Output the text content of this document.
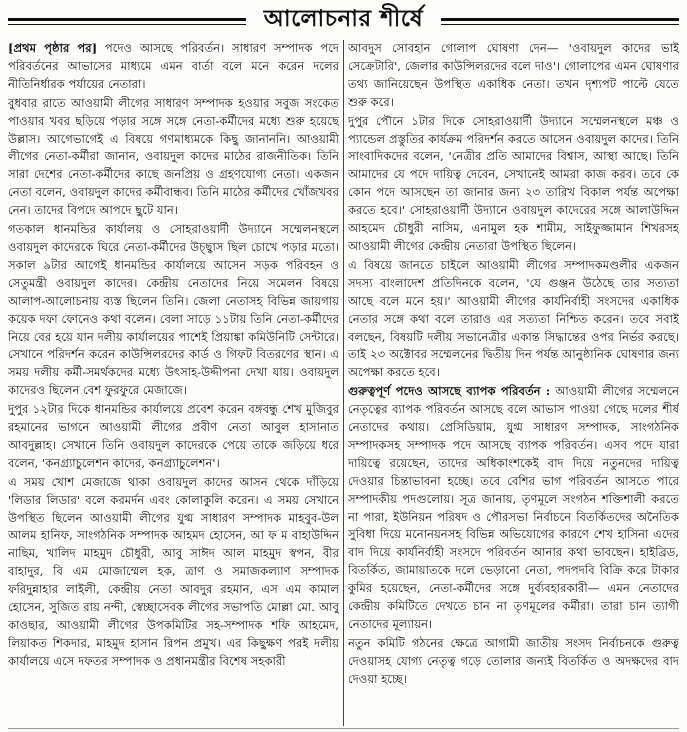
আলোচনার শীর্ষে

[প্রথম পৃষ্ঠার পর] পদেও আসছে পরিবর্তন। সাধারণ সম্পাদক পদে পরিবর্তনের আভাসের মাধ্যমে এমন বার্তা বলে মনে করেন দলের নীতিনির্ধারক পর্যায়ের নেতারা।

বুধবার রাতে আওয়ামী লীগের সাধারণ সম্পাদক হওয়ার সবুজ সংকেত পাওয়ার খবর ছড়িয়ে পড়ার সঙ্গে সঙ্গে নেতা-কর্মীদের মধ্যে শুরু হয়েছে উল্লাস। আগেভাগেই এ বিষয়ে গণমাধ্যমকে কিছু জানাননি। আওয়ামী লীগের নেতা-কর্মীরা জানান, ওবায়দুল কাদের মাঠের রাজনীতিক। তিনি সারা দেশের নেতা-কর্মীদের কাছে জনপ্রিয় ও গ্রহণযোগ্য নেতা। একজন নেতা বলেন, ওবায়দুল কাদের কর্মীবান্ধব। তিনি মাঠের কর্মীদের খোঁজখবর নেন। তাদের বিপদে আপদে ছুটে যান।

গতকাল ধানমন্ডির কার্যালয় ও সোহরাওয়ার্দী উদ্যানে সম্মেলনস্থলে ওবায়দুল কাদেরকে ঘিরে নেতা-কর্মীদের উচ্ছ্বাস ছিল চোখে পড়ার মতো। সকাল ৯টার আগেই ধানমন্ডির কার্যালয়ে আসেন সড়ক পরিবহন ও সেতুমন্ত্রী ওবায়দুল কাদের। কেন্দ্রীয় নেতাদের নিয়ে সমেলন বিষয়ে আলাপ-আলোচনায় ব্যস্ত ছিলেন তিনি। জেলা নেতাসহ বিভিন্ন জায়গায় কয়েক দফা ফোনেও কথা বলেন। বেলা সাড়ে ১১টায় তিনি নেতা-কর্মীদের নিয়ে বের হয়ে যান দলীয় কার্যালয়ের পাশেই প্রিয়াঙ্কা কমিউনিটি সেন্টারে। সেখানে পরিদর্শন করেন কাউন্সিলরদের কার্ড ও গিফট বিতরণের স্থান। এ সময় দলীয় কর্মী-সমর্থকদের মধ্যে উৎসাহ-উদ্দীপনা দেখা যায়। ওবায়দুল কাদেরও ছিলেন বেশ ফুরফুরে মেজাজে।

দুপুর ১২টার দিকে ধানমন্ডির কার্যালয়ে প্রবেশ করেন বঙ্গবন্ধু শেখ মুজিবুর রহমানের ভাগনে আওয়ামী লীগের প্রবীণ নেতা আবুল হাসানাত আবদুল্লাহ। সেখানে তিনি ওবায়দুল কাদেরকে পেয়ে তাকে জড়িয়ে ধরে বলেন, 'কনগ্র্যাচুলেশন কাদের, কনগ্র্যাচুলেশন'।

এ সময় খোশ মেজাজে থাকা ওবায়দুল কাদের আসন থেকে দাঁড়িয়ে 'লিডার লিডার' বলে করমর্দন এবং কোলাকুলি করেন। এ সময় সেখানে উপস্থিত ছিলেন আওয়ামী লীগের যুগ্ম সাধারণ সম্পাদক মাহবুব-উল আলম হানিফ, সাংগঠনিক সম্পাদক আহমদ হোসেন, আ ফ ম বাহাউদ্দিন নাছিম, খালিদ মাহমুদ চৌধুরী, আবু সাঈদ আল মাহমুদ স্বপন, বীর বাহাদুর, বি এম মোজাম্মেল হক, ত্রাণ ও সমাজকল্যাণ সম্পাদক ফরিদুন্নাহার লাইলী, কেন্দ্রীয় নেতা আবদুর রহমান, এস এম কামাল হোসেন, সুজিত রায় নন্দী, স্বেচ্ছাসেবক লীগের সভাপতি মোল্লা মো. আবু কাওছার, আওয়ামী লীগের উপকমিটির সহ-সম্পাদক শফি আহমেদ, লিয়াকত শিকদার, মাহমুদ হাসান রিপন প্রমুখ। এর কিছুক্ষণ পরই দলীয় কার্যালয়ে এসে দফতর সম্পাদক ও প্রধানমন্ত্রীর বিশেষ সহকারী

আবদুস সোবহান গোলাপ ঘোষণা দেন— 'ওবায়দুল কাদের ভাই সেক্রেটারি', জেলার কাউন্সিলরদের বলে দাও'। গোলাপের এমন ঘোষণার তথ্য জানিয়েছেন উপস্থিত একাধিক নেতা। তখন দৃশ্যপট পাল্টে যেতে শুরু করে।

দুপুর পৌনে ১টার দিকে সোহরাওয়ার্দী উদ্যানে সম্মেলনস্থলে মঞ্চ ও প্যান্ডেল প্রস্তুতির কার্যক্রম পরিদর্শন করতে আসেন ওবায়দুল কাদের। তিনি সাংবাদিকদের বলেন, 'নেত্রীর প্রতি আমাদের বিশ্বাস, আস্থা আছে। তিনি আমাদের যে পদে দায়িত্ব দেবেন, সেখানেই আমরা কাজ করব। তবে কে কোন পদে আসছেন তা জানার জন্য ২৩ তারিখ বিকাল পর্যন্ত অপেক্ষা করতে হবে।' সোহরাওয়ার্দী উদ্যানে ওবায়দুল কাদেরের সঙ্গে আলাউদ্দিন আহমেদ চৌধুরী নাসিম, এনামুল হক শামীম, সাইফুজ্জামান শিখরসহ আওয়ামী লীগের কেন্দ্রীয় নেতারা উপস্থিত ছিলেন।

এ বিষয়ে জানতে চাইলে আওয়ামী লীগের সম্পাদকমণ্ডলীর একজন সদস্য বাংলাদেশ প্রতিদিনকে বলেন, 'যে গুঞ্জন উঠেছে তার সত্যতা আছে বলে মনে হয়।' আওয়ামী লীগের কার্যনির্বাহী সংসদের একাধিক নেতার সঙ্গে কথা বলে তারাও এর সত্যতা নিশ্চিত করেন। তবে সবাই বলছেন, বিষয়টি দলীয় সভানেত্রীর একান্ত সিদ্ধান্তের ওপর নির্ভর করছে। তাই ২৩ অক্টোবর সম্মেলনের দ্বিতীয় দিন পর্যন্ত আনুষ্ঠানিক ঘোষণার জন্য অপেক্ষা করতে হবে।

গুরুত্বপূর্ণ পদেও আসছে ব্যাপক পরিবর্তন : আওয়ামী লীগের সম্মেলনে নেতৃত্বের ব্যাপক পরিবর্তন আসছে বলে আভাস পাওয়া গেছে দলের শীর্ষ নেতাদের কথায়। প্রেসিডিয়াম, যুগ্ম সাধারণ সম্পাদক, সাংগঠনিক সম্পাদকসহ সম্পাদক পদে আসছে ব্যাপক পরিবর্তন। এসব পদে যারা দায়িত্বে রয়েছেন, তাদের অধিকাংশকেই বাদ দিয়ে নতুনদের দায়িত্ব দেওয়ার চিন্তাভাবনা হচ্ছে। তবে বেশির ভাগ পরিবর্তন আসতে পারে সম্পাদকীয় পদগুলোয়। সূত্র জানায়, তৃণমূলে সংগঠন শক্তিশালী করতে না পারা, ইউনিয়ন পরিষদ ও পৌরসভা নির্বাচনে বিতর্কিতদের অনৈতিক সুবিধা দিয়ে মনোনয়নসহ বিভিন্ন অভিযোগের কারণে শেখ হাসিনা এদের বাদ দিয়ে কার্যনির্বাহী সংসদে পরিবর্তন আনার কথা ভাবছেন। হাইব্রিড, বিতর্কিত, জামায়াতকে দলে ভেড়ানো নেতা, পদপদবি বিক্রি করে টাকার কুমির হয়েছেন, নেতা-কর্মীদের সঙ্গে দুর্ব্যবহারকারী— এমন নেতাদের কেন্দ্রীয় কমিটিতে দেখতে চান না তৃণমূলের কর্মীরা। তারা চান ত্যাগী নেতাদের মূল্যায়ন।

নতুন কমিটি গঠনের ক্ষেত্রে আগামী জাতীয় সংসদ নির্বাচনকে গুরুত্ব দেওয়াসহ যোগ্য নেতৃত্ব গড়ে তোলার জন্যই বিতর্কিত ও অদক্ষদের বাদ দেওয়া হচ্ছে।
